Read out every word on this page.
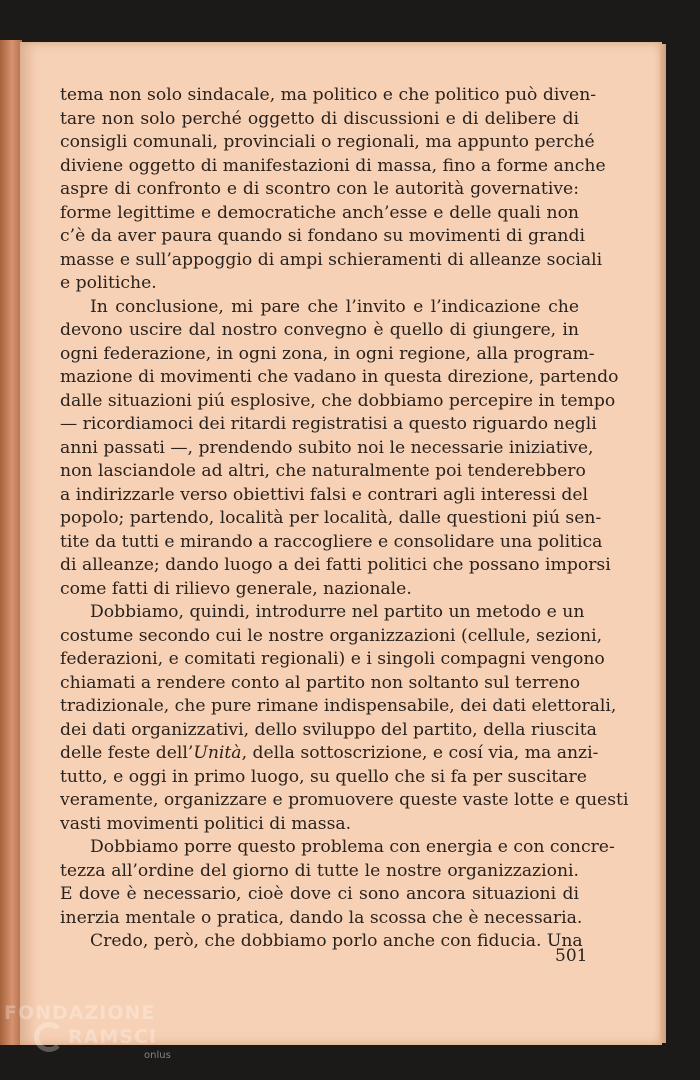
tema non solo sindacale, ma politico e che politico può diven-
tare non solo perché oggetto di discussioni e di delibere di
consigli comunali, provinciali o regionali, ma appunto perché
diviene oggetto di manifestazioni di massa, fino a forme anche
aspre di confronto e di scontro con le autorità governative:
forme legittime e democratiche anch’esse e delle quali non
c’è da aver paura quando si fondano su movimenti di grandi
masse e sull’appoggio di ampi schieramenti di alleanze sociali
e politiche.
In conclusione, mi pare che l’invito e l’indicazione che
devono uscire dal nostro convegno è quello di giungere, in
ogni federazione, in ogni zona, in ogni regione, alla program-
mazione di movimenti che vadano in questa direzione, partendo
dalle situazioni piú esplosive, che dobbiamo percepire in tempo
— ricordiamoci dei ritardi registratisi a questo riguardo negli
anni passati —, prendendo subito noi le necessarie iniziative,
non lasciandole ad altri, che naturalmente poi tenderebbero
a indirizzarle verso obiettivi falsi e contrari agli interessi del
popolo; partendo, località per località, dalle questioni piú sen-
tite da tutti e mirando a raccogliere e consolidare una politica
di alleanze; dando luogo a dei fatti politici che possano imporsi
come fatti di rilievo generale, nazionale.
Dobbiamo, quindi, introdurre nel partito un metodo e un
costume secondo cui le nostre organizzazioni (cellule, sezioni,
federazioni, e comitati regionali) e i singoli compagni vengono
chiamati a rendere conto al partito non soltanto sul terreno
tradizionale, che pure rimane indispensabile, dei dati elettorali,
dei dati organizzativi, dello sviluppo del partito, della riuscita
delle feste dell’Unità, della sottoscrizione, e cosí via, ma anzi-
tutto, e oggi in primo luogo, su quello che si fa per suscitare
veramente, organizzare e promuovere queste vaste lotte e questi
vasti movimenti politici di massa.
Dobbiamo porre questo problema con energia e con concre-
tezza all’ordine del giorno di tutte le nostre organizzazioni.
E dove è necessario, cioè dove ci sono ancora situazioni di
inerzia mentale o pratica, dando la scossa che è necessaria.
Credo, però, che dobbiamo porlo anche con fiducia. Una
501
FONDAZIONE
RAMSCI
onlus
